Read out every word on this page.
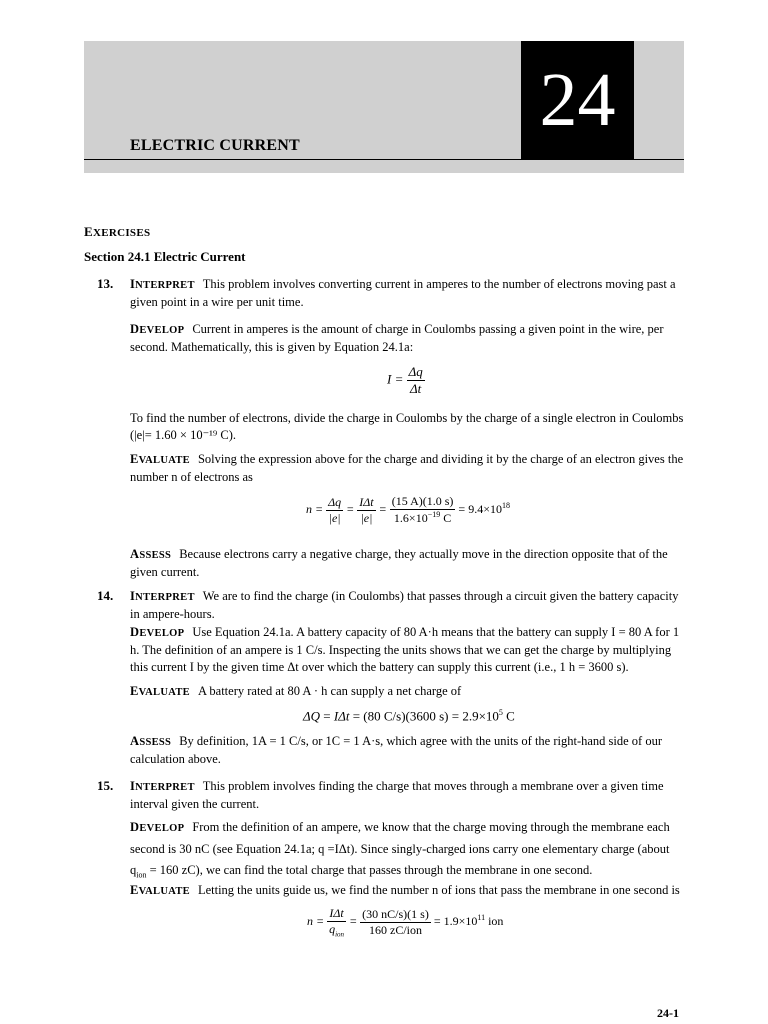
24
ELECTRIC CURRENT
EXERCISES
Section 24.1 Electric Current
13. INTERPRET This problem involves converting current in amperes to the number of electrons moving past a given point in a wire per unit time.
DEVELOP Current in amperes is the amount of charge in Coulombs passing a given point in the wire, per second. Mathematically, this is given by Equation 24.1a:
$I = \frac{\Delta q}{\Delta t}$
To find the number of electrons, divide the charge in Coulombs by the charge of a single electron in Coulombs (|e|= 1.60 × 10⁻¹⁹ C).
EVALUATE Solving the expression above for the charge and dividing it by the charge of an electron gives the number n of electrons as
$n = \frac{\Delta q}{|e|} = \frac{\text{IΔt}}{|e|} = \frac{(15 A)(1.0 s)}{1.6\times 10^{-19} C} = 9.4\times 10^{18}$
ASSESS Because electrons carry a negative charge, they actually move in the direction opposite that of the given current.
14. INTERPRET We are to find the charge (in Coulombs) that passes through a circuit given the battery capacity in ampere-hours.
DEVELOP Use Equation 24.1a. A battery capacity of 80 A·h means that the battery can supply I = 80 A for 1 h. The definition of an ampere is 1 C/s. Inspecting the units shows that we can get the charge by multiplying this current I by the given time Δt over which the battery can supply this current (i.e., 1 h = 3600 s).
EVALUATE A battery rated at 80 A · h can supply a net charge of
ΔQ = IΔt = (80 C/s)(3600 $s) = 2.9\times 10^5$ C
ASSESS By definition, 1A = 1 C/s, or 1C = 1 A·s, which agree with the units of the right-hand side of our calculation above.
15. INTERPRET This problem involves finding the charge that moves through a membrane over a given time interval given the current.
DEVELOP From the definition of an ampere, we know that the charge moving through the membrane each second is 30 nC (see Equation 24.1a; q =IΔt). Since singly-charged ions carry one elementary charge (about $q_{ion} = 160$ zC), we can find the total charge that passes through the membrane in one second.
EVALUATE Letting the units guide us, we find the number n of ions that pass the membrane in one second is
$n = \frac{\text{IΔt}}{q_{ion}} = \frac{(30 nC/s)(1 s)}{\text{160 zC/ion}} = 1.9\times 10^{11}$ ion
24-1
